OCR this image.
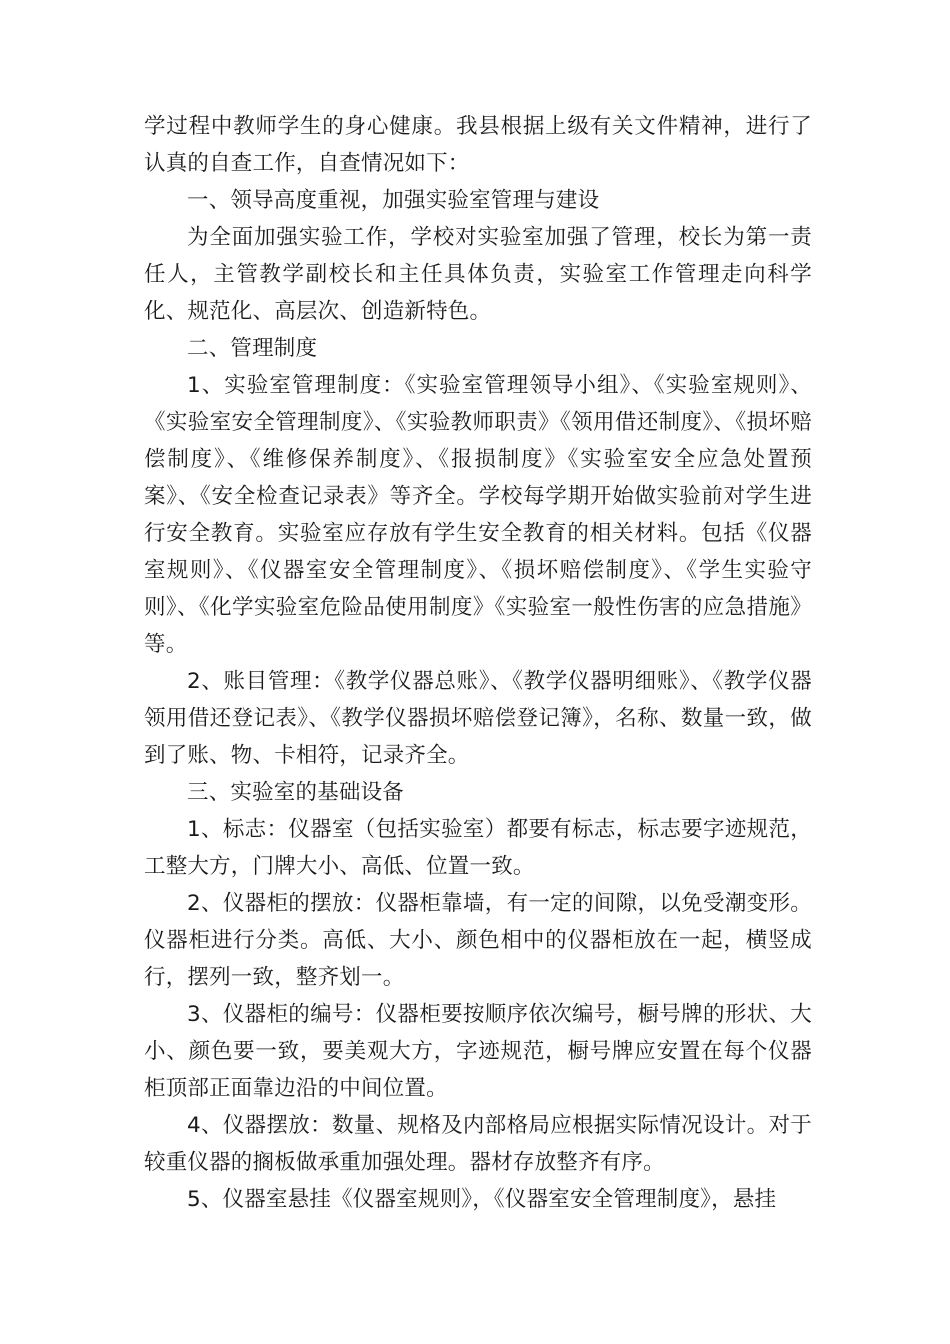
学过程中教师学生的身心健康。我县根据上级有关文件精神，进行了认真的自查工作，自查情况如下：

一、领导高度重视，加强实验室管理与建设

为全面加强实验工作，学校对实验室加强了管理，校长为第一责任人，主管教学副校长和主任具体负责，实验室工作管理走向科学化、规范化、高层次、创造新特色。

二、管理制度

1、实验室管理制度：《实验室管理领导小组》、《实验室规则》、《实验室安全管理制度》、《实验教师职责》《领用借还制度》、《损坏赔偿制度》、《维修保养制度》、《报损制度》《实验室安全应急处置预案》、《安全检查记录表》等齐全。学校每学期开始做实验前对学生进行安全教育。实验室应存放有学生安全教育的相关材料。包括《仪器室规则》、《仪器室安全管理制度》、《损坏赔偿制度》、《学生实验守则》、《化学实验室危险品使用制度》《实验室一般性伤害的应急措施》等。

2、账目管理：《教学仪器总账》、《教学仪器明细账》、《教学仪器领用借还登记表》、《教学仪器损坏赔偿登记簿》，名称、数量一致，做到了账、物、卡相符，记录齐全。

三、实验室的基础设备

1、标志：仪器室（包括实验室）都要有标志，标志要字迹规范，工整大方，门牌大小、高低、位置一致。

2、仪器柜的摆放：仪器柜靠墙，有一定的间隙，以免受潮变形。仪器柜进行分类。高低、大小、颜色相中的仪器柜放在一起，横竖成行，摆列一致，整齐划一。

3、仪器柜的编号：仪器柜要按顺序依次编号，橱号牌的形状、大小、颜色要一致，要美观大方，字迹规范，橱号牌应安置在每个仪器柜顶部正面靠边沿的中间位置。

4、仪器摆放：数量、规格及内部格局应根据实际情况设计。对于较重仪器的搁板做承重加强处理。器材存放整齐有序。

5、仪器室悬挂《仪器室规则》，《仪器室安全管理制度》，悬挂
